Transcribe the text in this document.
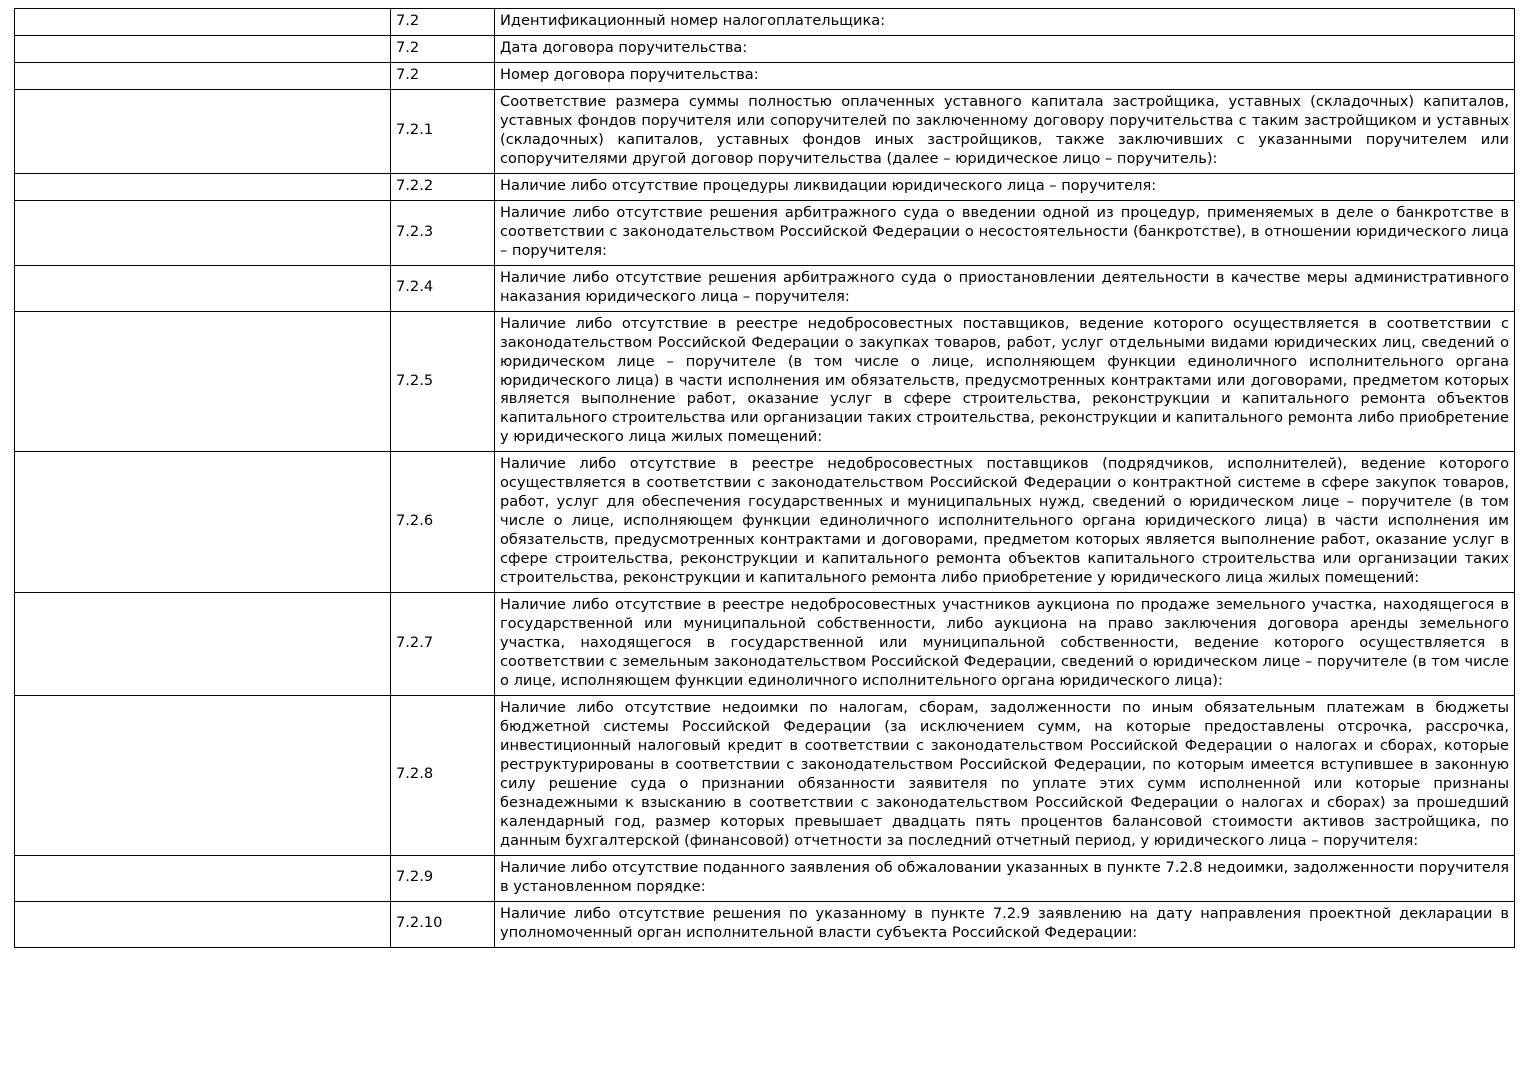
	7.2	Идентификационный номер налогоплательщика:
	7.2	Дата договора поручительства:
	7.2	Номер договора поручительства:
	7.2.1	Соответствие размера суммы полностью оплаченных уставного капитала застройщика, уставных (складочных) капиталов, уставных фондов поручителя или сопоручителей по заключенному договору поручительства с таким застройщиком и уставных (складочных) капиталов, уставных фондов иных застройщиков, также заключивших с указанными поручителем или сопоручителями другой договор поручительства (далее – юридическое лицо – поручитель):
	7.2.2	Наличие либо отсутствие процедуры ликвидации юридического лица – поручителя:
	7.2.3	Наличие либо отсутствие решения арбитражного суда о введении одной из процедур, применяемых в деле о банкротстве в соответствии с законодательством Российской Федерации о несостоятельности (банкротстве), в отношении юридического лица – поручителя:
	7.2.4	Наличие либо отсутствие решения арбитражного суда о приостановлении деятельности в качестве меры административного наказания юридического лица – поручителя:
	7.2.5	Наличие либо отсутствие в реестре недобросовестных поставщиков, ведение которого осуществляется в соответствии с законодательством Российской Федерации о закупках товаров, работ, услуг отдельными видами юридических лиц, сведений о юридическом лице – поручителе (в том числе о лице, исполняющем функции единоличного исполнительного органа юридического лица) в части исполнения им обязательств, предусмотренных контрактами или договорами, предметом которых является выполнение работ, оказание услуг в сфере строительства, реконструкции и капитального ремонта объектов капитального строительства или организации таких строительства, реконструкции и капитального ремонта либо приобретение у юридического лица жилых помещений:
	7.2.6	Наличие либо отсутствие в реестре недобросовестных поставщиков (подрядчиков, исполнителей), ведение которого осуществляется в соответствии с законодательством Российской Федерации о контрактной системе в сфере закупок товаров, работ, услуг для обеспечения государственных и муниципальных нужд, сведений о юридическом лице – поручителе (в том числе о лице, исполняющем функции единоличного исполнительного органа юридического лица) в части исполнения им обязательств, предусмотренных контрактами и договорами, предметом которых является выполнение работ, оказание услуг в сфере строительства, реконструкции и капитального ремонта объектов капитального строительства или организации таких строительства, реконструкции и капитального ремонта либо приобретение у юридического лица жилых помещений:
	7.2.7	Наличие либо отсутствие в реестре недобросовестных участников аукциона по продаже земельного участка, находящегося в государственной или муниципальной собственности, либо аукциона на право заключения договора аренды земельного участка, находящегося в государственной или муниципальной собственности, ведение которого осуществляется в соответствии с земельным законодательством Российской Федерации, сведений о юридическом лице – поручителе (в том числе о лице, исполняющем функции единоличного исполнительного органа юридического лица):
	7.2.8	Наличие либо отсутствие недоимки по налогам, сборам, задолженности по иным обязательным платежам в бюджеты бюджетной системы Российской Федерации (за исключением сумм, на которые предоставлены отсрочка, рассрочка, инвестиционный налоговый кредит в соответствии с законодательством Российской Федерации о налогах и сборах, которые реструктурированы в соответствии с законодательством Российской Федерации, по которым имеется вступившее в законную силу решение суда о признании обязанности заявителя по уплате этих сумм исполненной или которые признаны безнадежными к взысканию в соответствии с законодательством Российской Федерации о налогах и сборах) за прошедший календарный год, размер которых превышает двадцать пять процентов балансовой стоимости активов застройщика, по данным бухгалтерской (финансовой) отчетности за последний отчетный период, у юридического лица – поручителя:
	7.2.9	Наличие либо отсутствие поданного заявления об обжаловании указанных в пункте 7.2.8 недоимки, задолженности поручителя в установленном порядке:
	7.2.10	Наличие либо отсутствие решения по указанному в пункте 7.2.9 заявлению на дату направления проектной декларации в уполномоченный орган исполнительной власти субъекта Российской Федерации:
